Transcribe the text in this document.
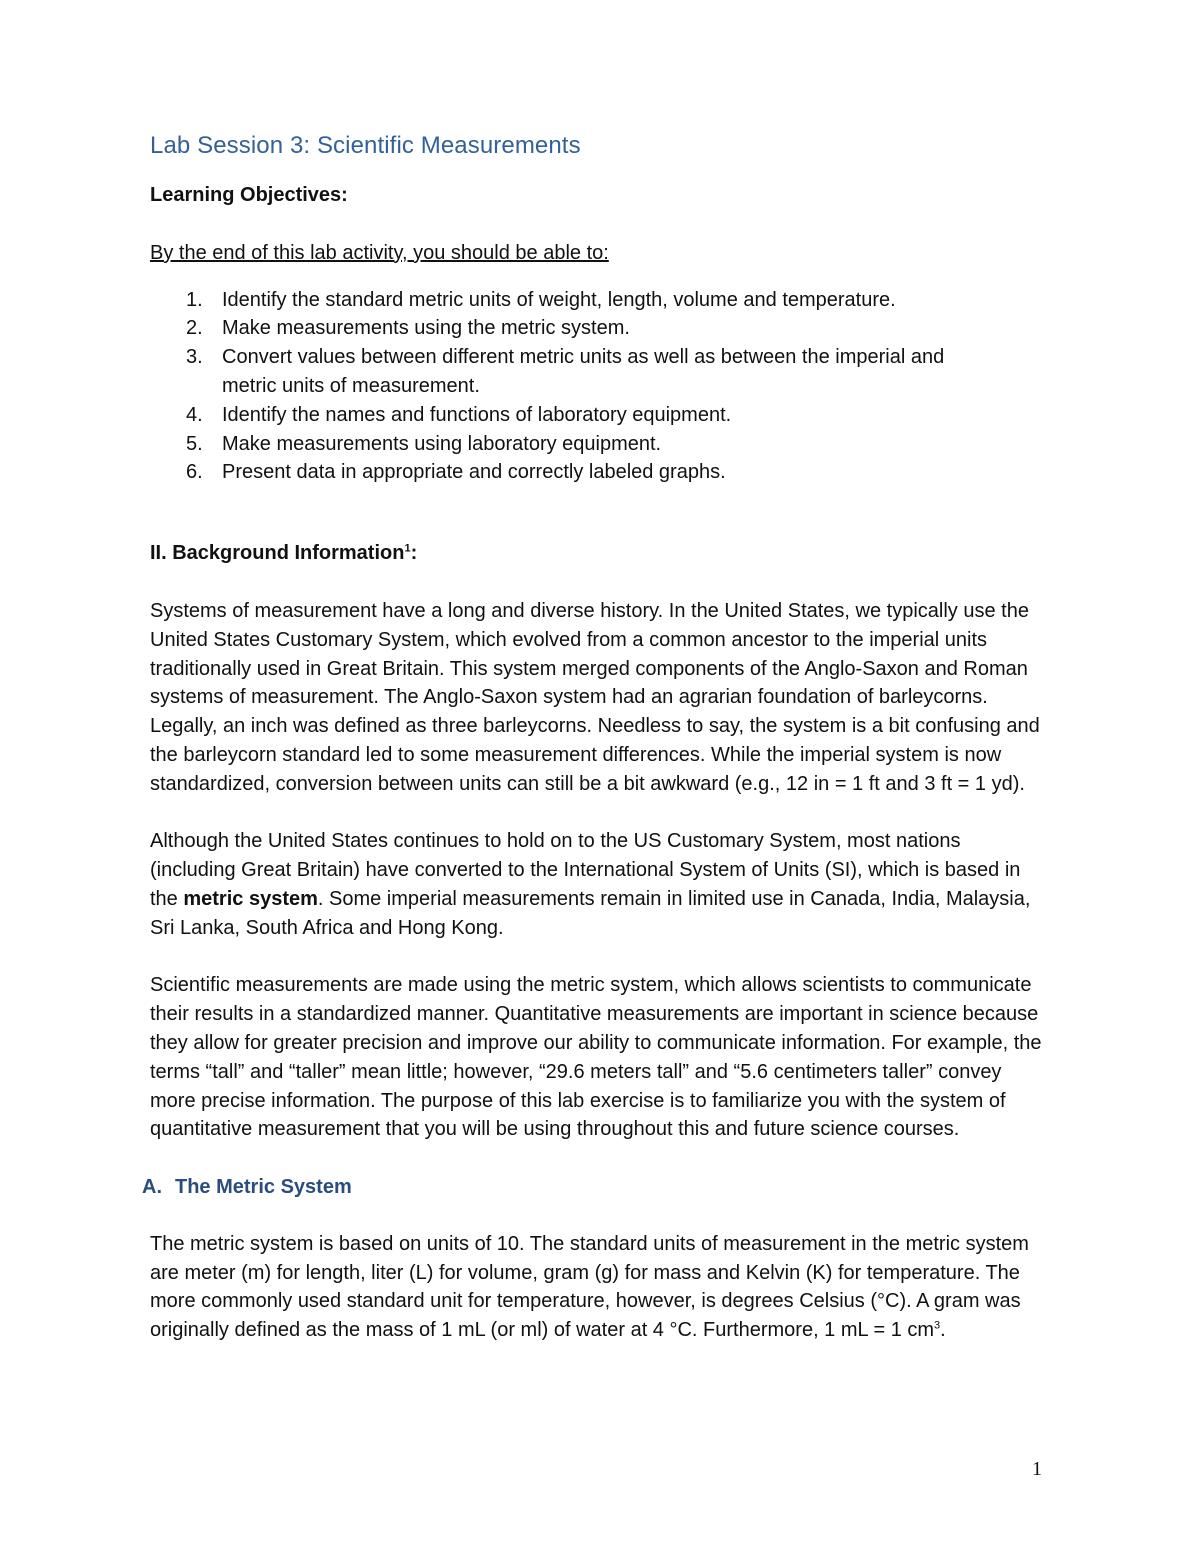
Lab Session 3: Scientific Measurements
Learning Objectives:
By the end of this lab activity, you should be able to:
1. Identify the standard metric units of weight, length, volume and temperature.
2. Make measurements using the metric system.
3. Convert values between different metric units as well as between the imperial and metric units of measurement.
4. Identify the names and functions of laboratory equipment.
5. Make measurements using laboratory equipment.
6. Present data in appropriate and correctly labeled graphs.
II. Background Information$^1$:

Systems of measurement have a long and diverse history. In the United States, we typically use the United States Customary System, which evolved from a common ancestor to the imperial units traditionally used in Great Britain. This system merged components of the Anglo-Saxon and Roman systems of measurement. The Anglo-Saxon system had an agrarian foundation of barleycorns. Legally, an inch was defined as three barleycorns. Needless to say, the system is a bit confusing and the barleycorn standard led to some measurement differences. While the imperial system is now standardized, conversion between units can still be a bit awkward (e.g., 12 in = 1 ft and 3 ft = 1 yd).

Although the United States continues to hold on to the US Customary System, most nations (including Great Britain) have converted to the International System of Units (SI), which is based in the metric system. Some imperial measurements remain in limited use in Canada, India, Malaysia, Sri Lanka, South Africa and Hong Kong.

Scientific measurements are made using the metric system, which allows scientists to communicate their results in a standardized manner. Quantitative measurements are important in science because they allow for greater precision and improve our ability to communicate information. For example, the terms “tall” and “taller” mean little; however, “29.6 meters tall” and “5.6 centimeters taller” convey more precise information. The purpose of this lab exercise is to familiarize you with the system of quantitative measurement that you will be using throughout this and future science courses.

A. The Metric System

The metric system is based on units of 10. The standard units of measurement in the metric system are meter (m) for length, liter (L) for volume, gram (g) for mass and Kelvin (K) for temperature. The more commonly used standard unit for temperature, however, is degrees Celsius (°C). A gram was originally defined as the mass of 1 mL (or ml) of water at 4 °C. Furthermore, 1 mL = 1 $cm^3$.

1
